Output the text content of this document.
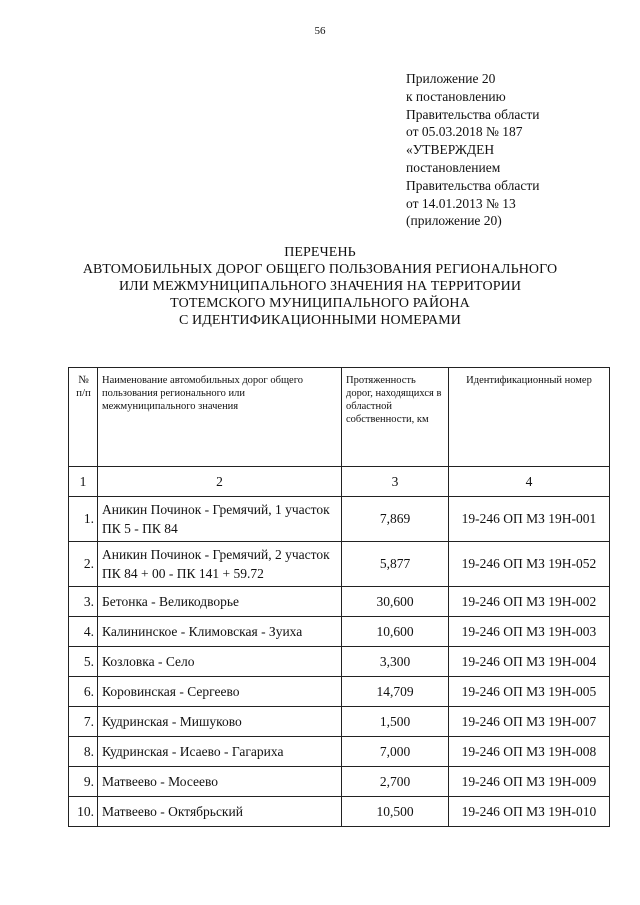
56
Приложение 20
к постановлению
Правительства области
от 05.03.2018 № 187
«УТВЕРЖДЕН
постановлением
Правительства области
от 14.01.2013 № 13
(приложение 20)
ПЕРЕЧЕНЬ
АВТОМОБИЛЬНЫХ ДОРОГ ОБЩЕГО ПОЛЬЗОВАНИЯ РЕГИОНАЛЬНОГО
ИЛИ МЕЖМУНИЦИПАЛЬНОГО ЗНАЧЕНИЯ НА ТЕРРИТОРИИ
ТОТЕМСКОГО МУНИЦИПАЛЬНОГО РАЙОНА
С ИДЕНТИФИКАЦИОННЫМИ НОМЕРАМИ
№ п/п	Наименование автомобильных дорог общего пользования регионального или межмуниципального значения	Протяженность дорог, находящихся в областной собственности, км	Идентификационный номер
1	2	3	4
1.	Аникин Починок - Гремячий, 1 участок ПК 5 - ПК 84	7,869	19-246 ОП МЗ 19Н-001
2.	Аникин Починок - Гремячий, 2 участок ПК 84 + 00 - ПК 141 + 59.72	5,877	19-246 ОП МЗ 19Н-052
3.	Бетонка - Великодворье	30,600	19-246 ОП МЗ 19Н-002
4.	Калининское - Климовская - Зуиха	10,600	19-246 ОП МЗ 19Н-003
5.	Козловка - Село	3,300	19-246 ОП МЗ 19Н-004
6.	Коровинская - Сергеево	14,709	19-246 ОП МЗ 19Н-005
7.	Кудринская - Мишуково	1,500	19-246 ОП МЗ 19Н-007
8.	Кудринская - Исаево - Гагариха	7,000	19-246 ОП МЗ 19Н-008
9.	Матвеево - Мосеево	2,700	19-246 ОП МЗ 19Н-009
10.	Матвеево - Октябрьский	10,500	19-246 ОП МЗ 19Н-010
